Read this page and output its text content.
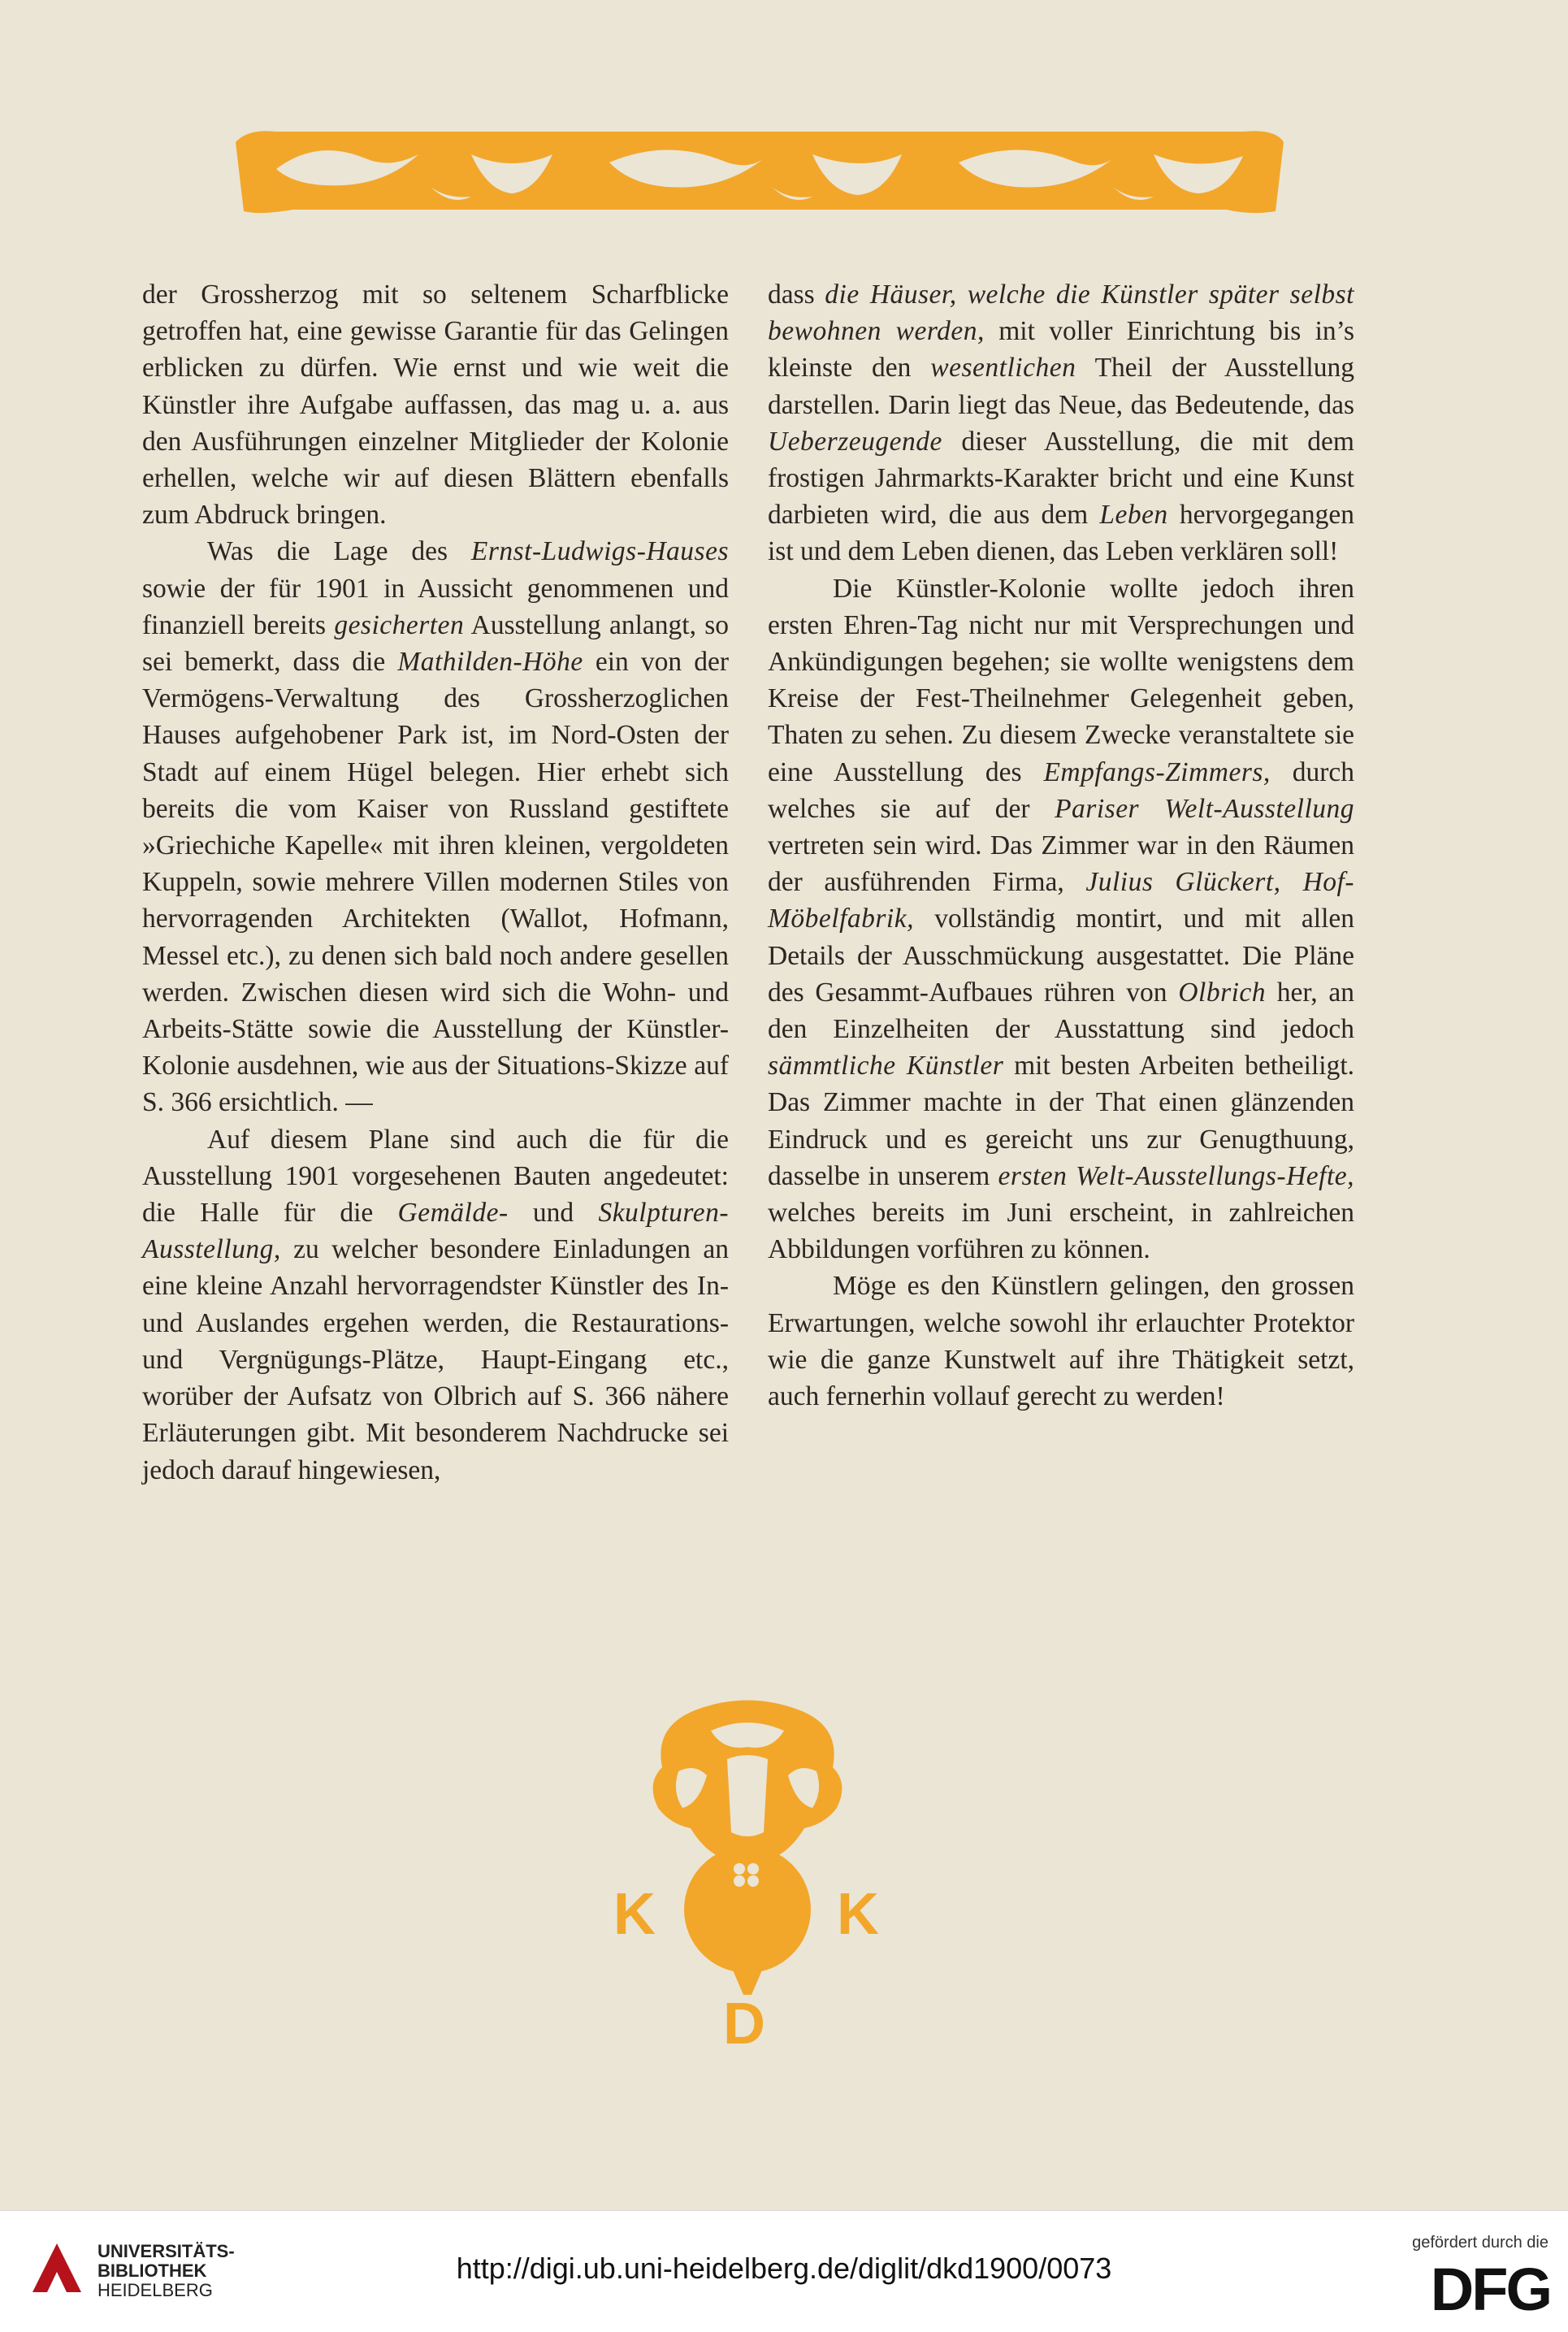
der Grossherzog mit so seltenem Scharfblicke getroffen hat, eine gewisse Garantie für das Gelingen erblicken zu dürfen. Wie ernst und wie weit die Künstler ihre Aufgabe auffassen, das mag u. a. aus den Ausführungen einzelner Mitglieder der Kolonie erhellen, welche wir auf diesen Blättern ebenfalls zum Abdruck bringen.

Was die Lage des Ernst-Ludwigs-Hauses sowie der für 1901 in Aussicht genommenen und finanziell bereits gesicherten Ausstellung anlangt, so sei bemerkt, dass die Mathilden-Höhe ein von der Vermögens-Verwaltung des Grossherzoglichen Hauses aufgehobener Park ist, im Nord-Osten der Stadt auf einem Hügel belegen. Hier erhebt sich bereits die vom Kaiser von Russland gestiftete »Griechiche Kapelle« mit ihren kleinen, vergoldeten Kuppeln, sowie mehrere Villen modernen Stiles von hervorragenden Architekten (Wallot, Hofmann, Messel etc.), zu denen sich bald noch andere gesellen werden. Zwischen diesen wird sich die Wohn- und Arbeits-Stätte sowie die Ausstellung der Künstler-Kolonie ausdehnen, wie aus der Situations-Skizze auf S. 366 ersichtlich. —

Auf diesem Plane sind auch die für die Ausstellung 1901 vorgesehenen Bauten angedeutet: die Halle für die Gemälde- und Skulpturen-Ausstellung, zu welcher besondere Einladungen an eine kleine Anzahl hervorragendster Künstler des In- und Auslandes ergehen werden, die Restaurations- und Vergnügungs-Plätze, Haupt-Eingang etc., worüber der Aufsatz von Olbrich auf S. 366 nähere Erläuterungen gibt. Mit besonderem Nachdrucke sei jedoch darauf hingewiesen,

dass die Häuser, welche die Künstler später selbst bewohnen werden, mit voller Einrichtung bis in’s kleinste den wesentlichen Theil der Ausstellung darstellen. Darin liegt das Neue, das Bedeutende, das Ueberzeugende dieser Ausstellung, die mit dem frostigen Jahrmarkts-Karakter bricht und eine Kunst darbieten wird, die aus dem Leben hervorgegangen ist und dem Leben dienen, das Leben verklären soll!

Die Künstler-Kolonie wollte jedoch ihren ersten Ehren-Tag nicht nur mit Versprechungen und Ankündigungen begehen; sie wollte wenigstens dem Kreise der Fest-Theilnehmer Gelegenheit geben, Thaten zu sehen. Zu diesem Zwecke veranstaltete sie eine Ausstellung des Empfangs-Zimmers, durch welches sie auf der Pariser Welt-Ausstellung vertreten sein wird. Das Zimmer war in den Räumen der ausführenden Firma, Julius Glückert, Hof-Möbelfabrik, vollständig montirt, und mit allen Details der Ausschmückung ausgestattet. Die Pläne des Gesammt-Aufbaues rühren von Olbrich her, an den Einzelheiten der Ausstattung sind jedoch sämmtliche Künstler mit besten Arbeiten betheiligt. Das Zimmer machte in der That einen glänzenden Eindruck und es gereicht uns zur Genugthuung, dasselbe in unserem ersten Welt-Ausstellungs-Hefte, welches bereits im Juni erscheint, in zahlreichen Abbildungen vorführen zu können.

Möge es den Künstlern gelingen, den grossen Erwartungen, welche sowohl ihr erlauchter Protektor wie die ganze Kunstwelt auf ihre Thätigkeit setzt, auch fernerhin vollauf gerecht zu werden!

K	K
D
UNIVERSITÄTS-
BIBLIOTHEK
HEIDELBERG
http://digi.ub.uni-heidelberg.de/diglit/dkd1900/0073
gefördert durch die
DFG
